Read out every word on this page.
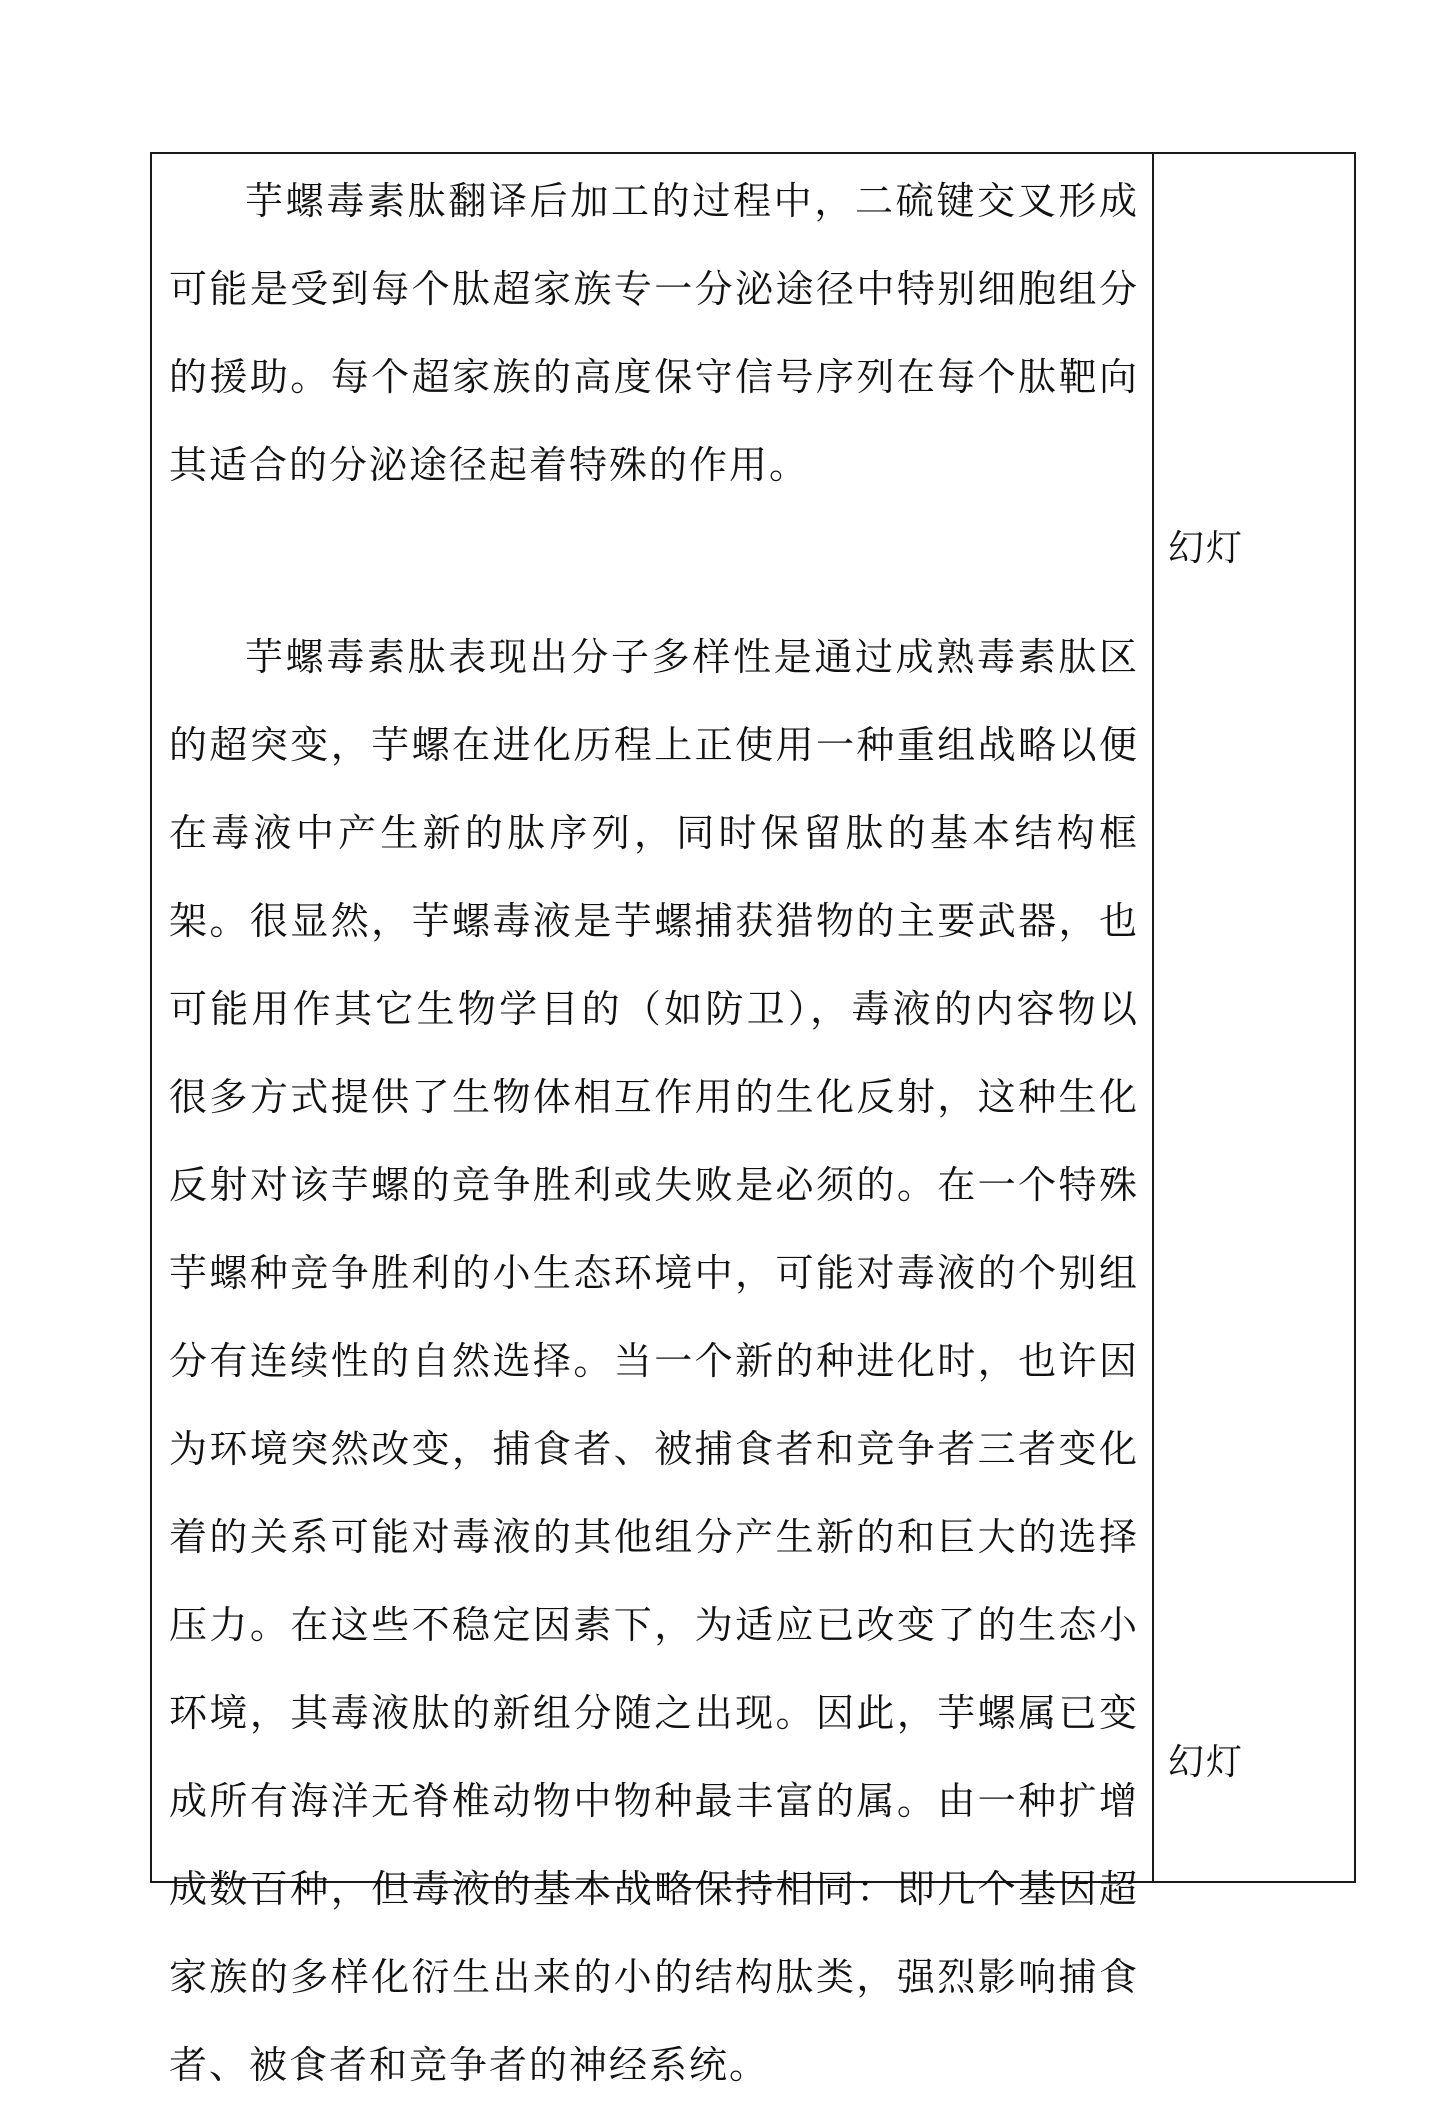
芋螺毒素肽翻译后加工的过程中，二硫键交叉形成可能是受到每个肽超家族专一分泌途径中特别细胞组分的援助。每个超家族的高度保守信号序列在每个肽靶向其适合的分泌途径起着特殊的作用。

芋螺毒素肽表现出分子多样性是通过成熟毒素肽区的超突变，芋螺在进化历程上正使用一种重组战略以便在毒液中产生新的肽序列，同时保留肽的基本结构框架。很显然，芋螺毒液是芋螺捕获猎物的主要武器，也可能用作其它生物学目的（如防卫），毒液的内容物以很多方式提供了生物体相互作用的生化反射，这种生化反射对该芋螺的竞争胜利或失败是必须的。在一个特殊芋螺种竞争胜利的小生态环境中，可能对毒液的个别组分有连续性的自然选择。当一个新的种进化时，也许因为环境突然改变，捕食者、被捕食者和竞争者三者变化着的关系可能对毒液的其他组分产生新的和巨大的选择压力。在这些不稳定因素下，为适应已改变了的生态小环境，其毒液肽的新组分随之出现。因此，芋螺属已变成所有海洋无脊椎动物中物种最丰富的属。由一种扩增成数百种，但毒液的基本战略保持相同：即几个基因超家族的多样化衍生出来的小的结构肽类，强烈影响捕食者、被食者和竞争者的神经系统。

幻灯

幻灯
